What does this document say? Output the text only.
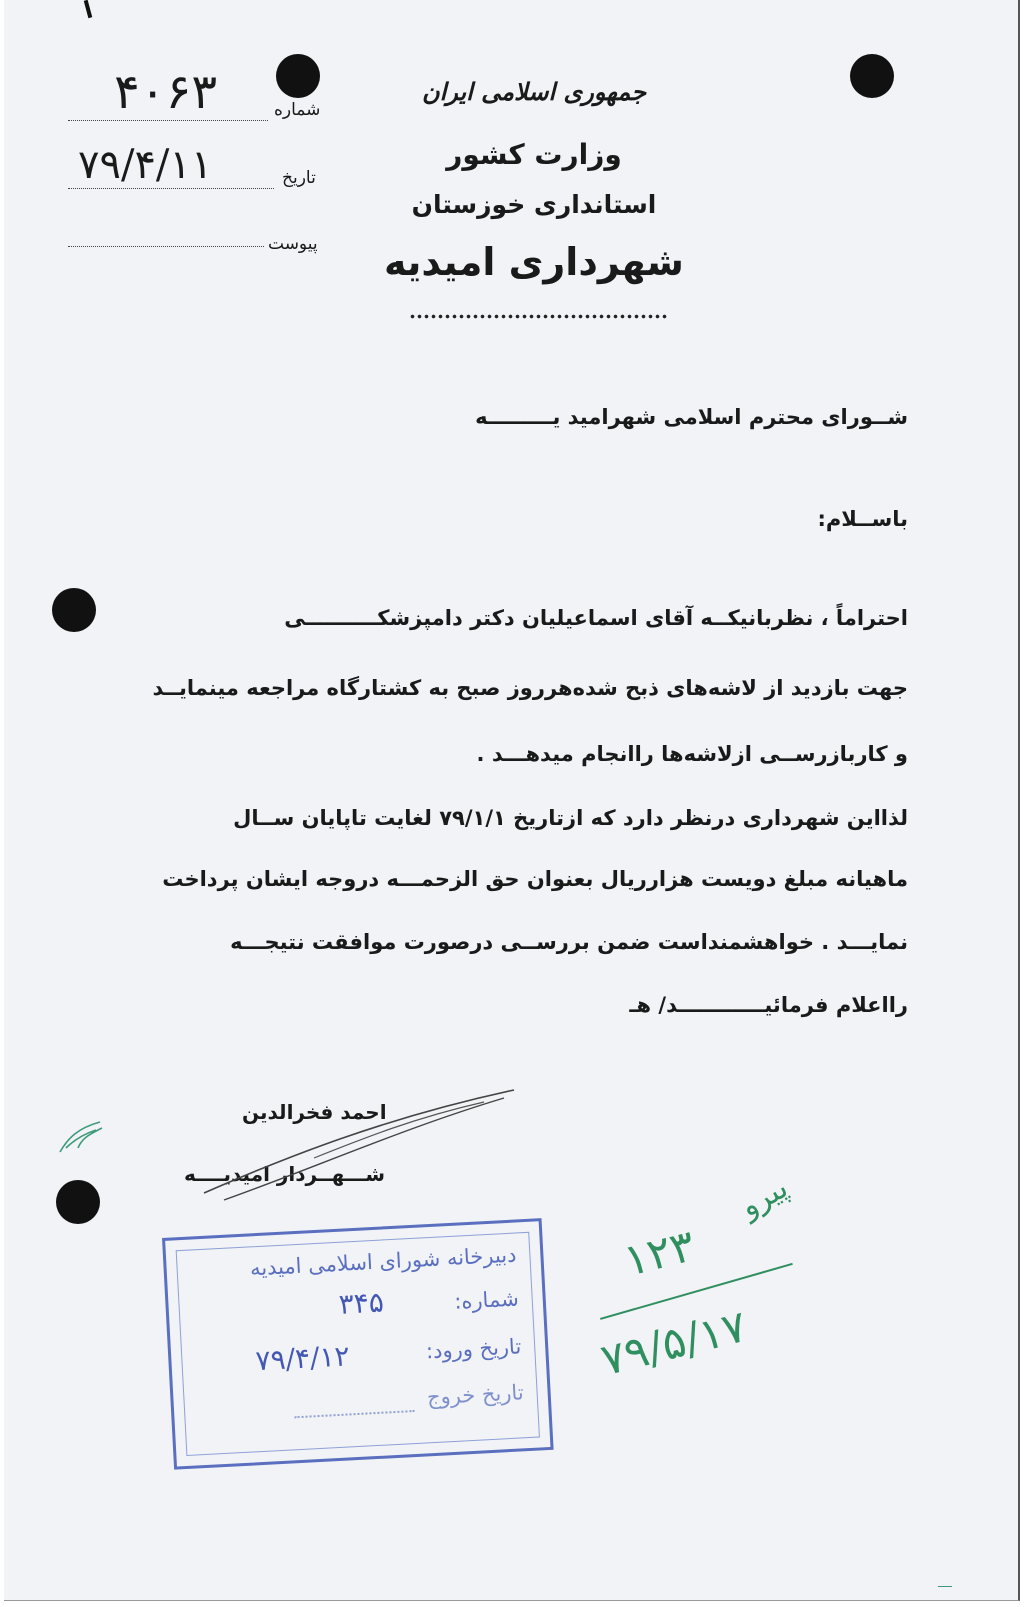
جمهوری اسلامی ایران
وزارت کشور
استانداری خوزستان
شهرداری امیدیه
شماره
۴۰۶۳
تاریخ
۷۹/۴/۱۱
پیوست
شــورای محترم اسلامی شهرامید یـــــــــه
باســلام:
احتراماً ، نظربانیکــه آقای اسماعیلیان دکتر دامپزشکــــــــــی
جهت بازدید از لاشه‌های ذبح شده‌هرروز صبح به کشتارگاه مراجعه مینمایــد
و کاربازرســی ازلاشه‌ها راانجام میدهـــد .
لذااین شهرداری درنظر دارد که ازتاریخ ۷۹/۱/۱ لغایت تاپایان ســال
ماهیانه مبلغ دویست هزارریال بعنوان حق الزحمـــه دروجه ایشان پرداخت
نمایـــد . خواهشمنداست ضمن بررســی درصورت موافقت نتیجـــه
رااعلام فرمائیــــــــــــد/ هـ
احمد فخرالدین
شـــهــردار امیدیــــه
دبیرخانه شورای اسلامی امیدیه
شماره:
۳۴۵
تاریخ ورود:
۷۹/۴/۱۲
تاریخ خروج
۱۲۳
پیرو
۷۹/۵/۱۷
